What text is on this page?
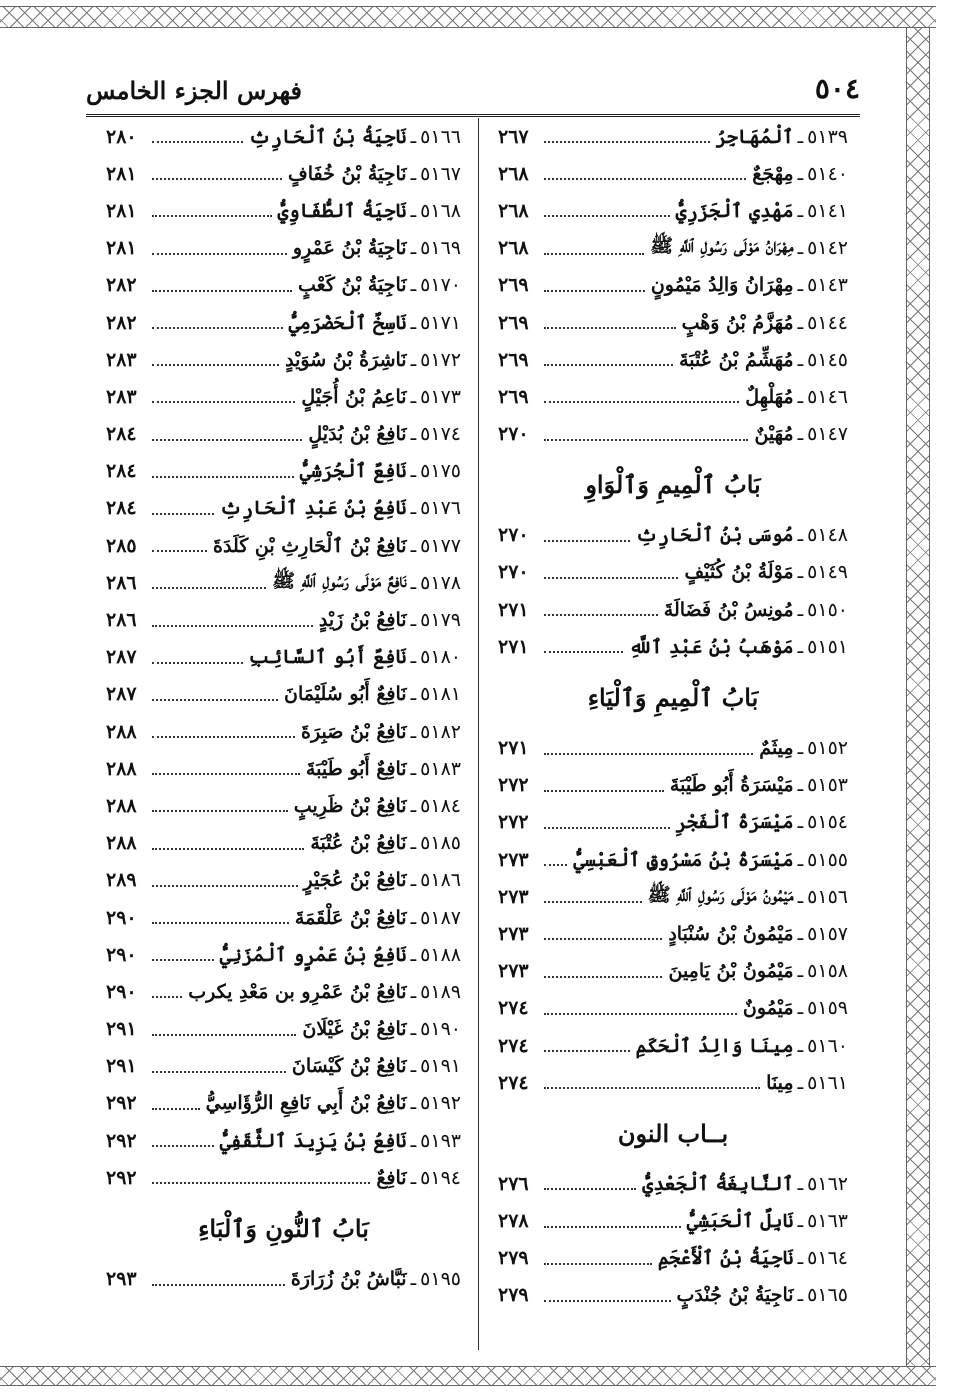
٥٠٤
فهرس الجزء الخامس
٥١٣٩
ـ
ٱلْمُهَاجِرُ
٢٦٧
٥١٤٠
ـ
مِهْجَعٌ
٢٦٨
٥١٤١
ـ
مَهْدِي ٱلْجَزَرِيُّ
٢٦٨
٥١٤٢
ـ
مِهْرَانُ مَوْلَى رَسُولِ ٱللَّهِ ﷺ
٢٦٨
٥١٤٣
ـ
مِهْرَانُ وَالِدُ مَيْمُونٍ
٢٦٩
٥١٤٤
ـ
مُهَزَّمُ بْنُ وَهْبٍ
٢٦٩
٥١٤٥
ـ
مُهَشِّمُ بْنُ عُتْبَةَ
٢٦٩
٥١٤٦
ـ
مُهَلْهِلٌ
٢٦٩
٥١٤٧
ـ
مُهَيْنٌ
٢٧٠
بَابُ ٱلْمِيمِ وَٱلْوَاوِ
٥١٤٨
ـ
مُوسَى بْنُ ٱلْحَارِثِ
٢٧٠
٥١٤٩
ـ
مَوْلَةُ بْنُ كُثَيْفٍ
٢٧٠
٥١٥٠
ـ
مُونِسُ بْنُ فَضَالَةَ
٢٧١
٥١٥١
ـ
مَوْهَبُ بْنُ عَبْدِ ٱللَّهِ
٢٧١
بَابُ ٱلْمِيمِ وَٱلْيَاءِ
٥١٥٢
ـ
مِيثَمٌ
٢٧١
٥١٥٣
ـ
مَيْسَرَةُ أَبُو طَيْبَةَ
٢٧٢
٥١٥٤
ـ
مَيْسَرَةُ ٱلْفَجْرِ
٢٧٢
٥١٥٥
ـ
مَيْسَرَةُ بْنُ مَسْرُوقٍ ٱلْعَبْسِيُّ
٢٧٣
٥١٥٦
ـ
مَيْمُونُ مَوْلَى رَسُولِ ٱللَّهِ ﷺ
٢٧٣
٥١٥٧
ـ
مَيْمُونُ بْنُ سُنْبَادٍ
٢٧٣
٥١٥٨
ـ
مَيْمُونُ بْنُ يَامِينَ
٢٧٣
٥١٥٩
ـ
مَيْمُونٌ
٢٧٤
٥١٦٠
ـ
مِينَا وَالِدُ ٱلْحَكَمِ
٢٧٤
٥١٦١
ـ
مِينَا
٢٧٤
بــاب النون
٥١٦٢
ـ
ٱلنَّابِغَةُ ٱلْجَعْدِيُّ
٢٧٦
٥١٦٣
ـ
نَابِلٌ ٱلْحَبَشِيُّ
٢٧٨
٥١٦٤
ـ
نَاجِيَةُ بْنُ ٱلْأَعْجَمِ
٢٧٩
٥١٦٥
ـ
نَاجِيَةُ بْنُ جُنْدَبٍ
٢٧٩
٥١٦٦
ـ
نَاجِيَةُ بْنُ ٱلْحَارِثِ
٢٨٠
٥١٦٧
ـ
نَاجِيَةُ بْنُ خُفَافٍ
٢٨١
٥١٦٨
ـ
نَاجِيَةُ ٱلطُّفَاوِيُّ
٢٨١
٥١٦٩
ـ
نَاجِيَةُ بْنُ عَمْرٍو
٢٨١
٥١٧٠
ـ
نَاجِيَةُ بْنُ كَعْبٍ
٢٨٢
٥١٧١
ـ
نَاسِخٌ ٱلْحَضْرَمِيُّ
٢٨٢
٥١٧٢
ـ
نَاشِرَةُ بْنُ سُوَيْدٍ
٢٨٣
٥١٧٣
ـ
نَاعِمُ بْنُ أُجَيْلٍ
٢٨٣
٥١٧٤
ـ
نَافِعُ بْنُ بُدَيْلٍ
٢٨٤
٥١٧٥
ـ
نَافِعٌ ٱلْجُرَشِيُّ
٢٨٤
٥١٧٦
ـ
نَافِعُ بْنُ عَبْدِ ٱلْحَارِثِ
٢٨٤
٥١٧٧
ـ
نَافِعُ بْنُ ٱلْحَارِثِ بْنِ كَلَدَةَ
٢٨٥
٥١٧٨
ـ
نَافِعٌ مَوْلَى رَسُولِ ٱللَّهِ ﷺ
٢٨٦
٥١٧٩
ـ
نَافِعُ بْنُ زَيْدٍ
٢٨٦
٥١٨٠
ـ
نَافِعٌ أَبُو ٱلسَّائِبِ
٢٨٧
٥١٨١
ـ
نَافِعٌ أَبُو سُلَيْمَانَ
٢٨٧
٥١٨٢
ـ
نَافِعُ بْنُ صَبِرَةَ
٢٨٨
٥١٨٣
ـ
نَافِعٌ أَبُو طَيْبَةَ
٢٨٨
٥١٨٤
ـ
نَافِعُ بْنُ ظَرِيبٍ
٢٨٨
٥١٨٥
ـ
نَافِعُ بْنُ عُتْبَةَ
٢٨٨
٥١٨٦
ـ
نَافِعُ بْنُ عُجَيْرٍ
٢٨٩
٥١٨٧
ـ
نَافِعُ بْنُ عَلْقَمَةَ
٢٩٠
٥١٨٨
ـ
نَافِعُ بْنُ عَمْرٍو ٱلْمُزَنِيُّ
٢٩٠
٥١٨٩
ـ
نَافِعُ بْنُ عَمْرِو بن مَعْدِ يكرب
٢٩٠
٥١٩٠
ـ
نَافِعُ بْنُ غَيْلَانَ
٢٩١
٥١٩١
ـ
نَافِعُ بْنُ كَيْسَانَ
٢٩١
٥١٩٢
ـ
نَافِعُ بْنُ أَبِي نَافِعِ الرُّؤَاسِيُّ
٢٩٢
٥١٩٣
ـ
نَافِعُ بْنُ يَزِيدَ ٱلثَّقَفِيُّ
٢٩٢
٥١٩٤
ـ
نَافِعٌ
٢٩٢
بَابُ ٱلنُّونِ وَٱلْبَاءِ
٥١٩٥
ـ
نَبَّاشُ بْنُ زُرَارَةَ
٢٩٣
